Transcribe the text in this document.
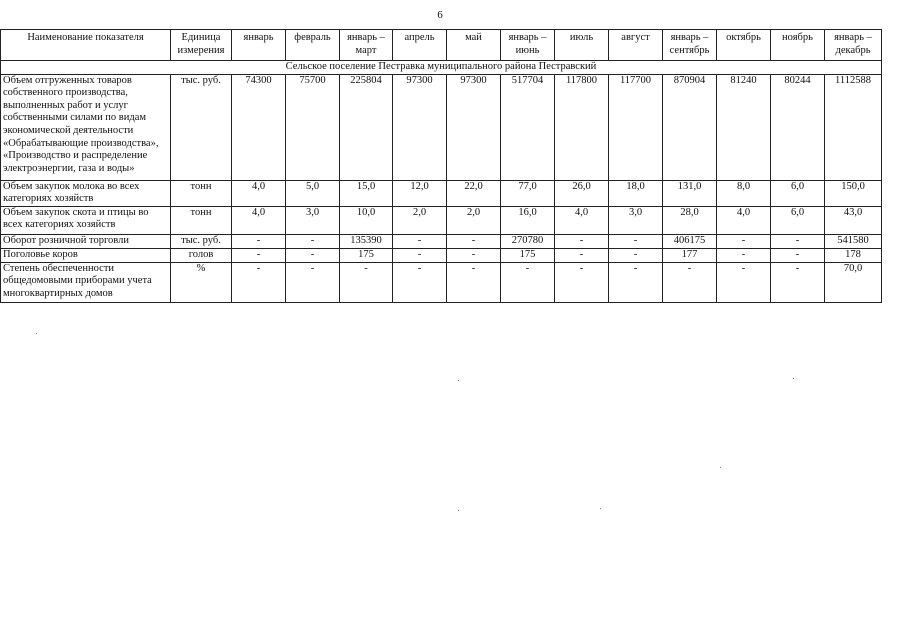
6
Наименование показателя	Единица измерения	январь	февраль	январь – март	апрель	май	январь – июнь	июль	август	январь – сентябрь	октябрь	ноябрь	январь – декабрь
Сельское поселение Пестравка муниципального района Пестравский													
Объем отгруженных товаров собственного производства, выполненных работ и услуг собственными силами по видам экономической деятельности «Обрабатывающие производства», «Производство и распределение электроэнергии, газа и воды»	тыс. руб.	74300	75700	225804	97300	97300	517704	117800	117700	870904	81240	80244	1112588
Объем закупок молока во всех категориях хозяйств	тонн	4,0	5,0	15,0	12,0	22,0	77,0	26,0	18,0	131,0	8,0	6,0	150,0
Объем закупок скота и птицы во всех категориях хозяйств	тонн	4,0	3,0	10,0	2,0	2,0	16,0	4,0	3,0	28,0	4,0	6,0	43,0
Оборот розничной торговли	тыс. руб.	-	-	135390	-	-	270780	-	-	406175	-	-	541580
Поголовье коров	голов	-	-	175	-	-	175	-	-	177	-	-	178
Степень обеспеченности общедомовыми приборами учета многоквартирных домов	%	-	-	-	-	-	-	-	-	-	-	-	70,0
